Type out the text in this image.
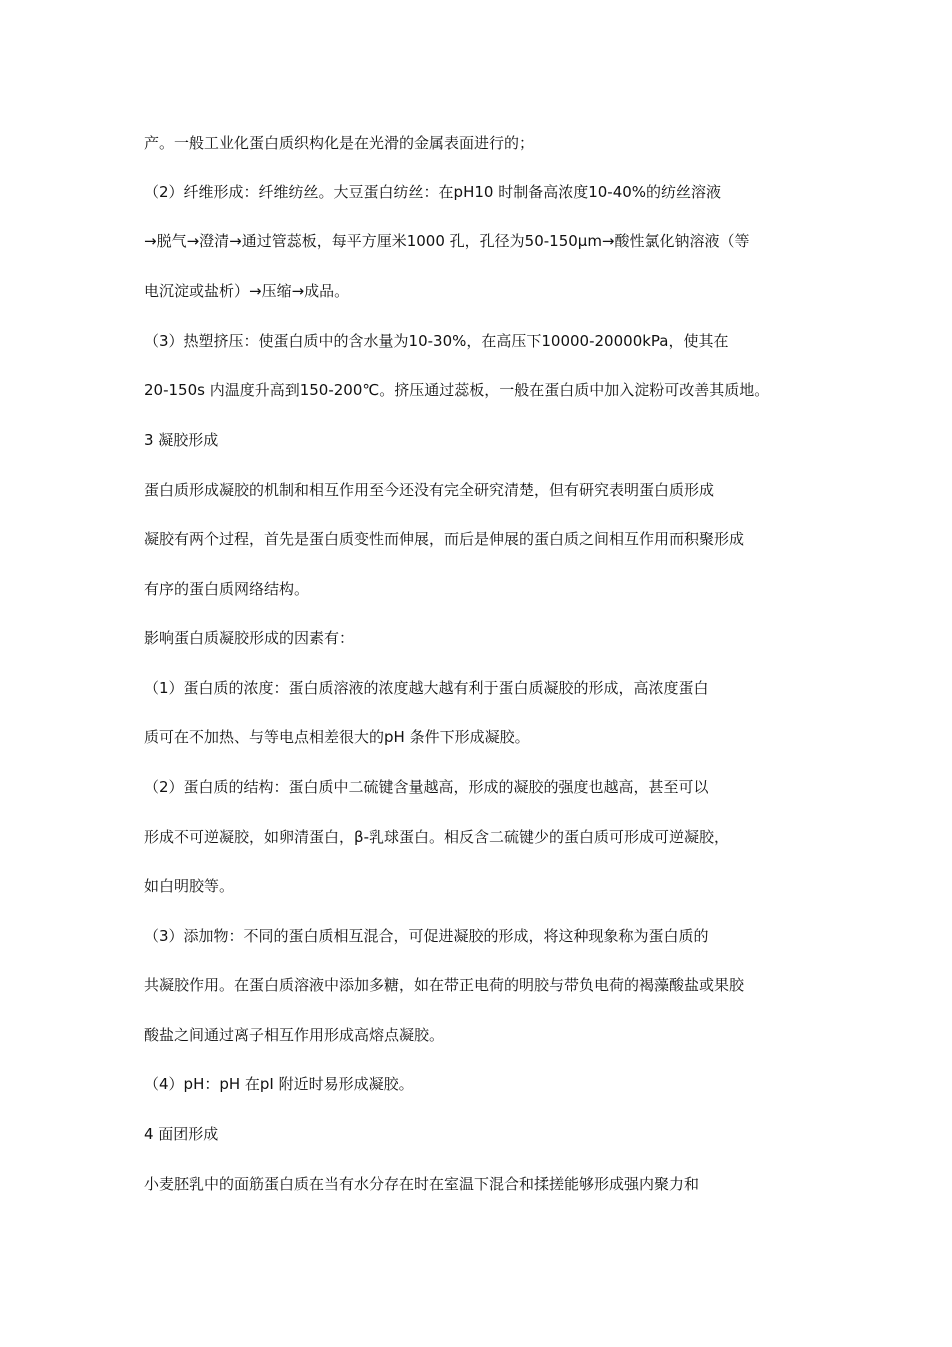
产。一般工业化蛋白质织构化是在光滑的金属表面进行的；
（2）纤维形成：纤维纺丝。大豆蛋白纺丝：在pH10 时制备高浓度10-40%的纺丝溶液
→脱气→澄清→通过管蕊板，每平方厘米1000 孔，孔径为50-150μm→酸性氯化钠溶液（等
电沉淀或盐析）→压缩→成品。
（3）热塑挤压：使蛋白质中的含水量为10-30%，在高压下10000-20000kPa，使其在
20-150s 内温度升高到150-200℃。挤压通过蕊板，一般在蛋白质中加入淀粉可改善其质地。
3 凝胶形成
蛋白质形成凝胶的机制和相互作用至今还没有完全研究清楚，但有研究表明蛋白质形成
凝胶有两个过程，首先是蛋白质变性而伸展，而后是伸展的蛋白质之间相互作用而积聚形成
有序的蛋白质网络结构。
影响蛋白质凝胶形成的因素有：
（1）蛋白质的浓度：蛋白质溶液的浓度越大越有利于蛋白质凝胶的形成，高浓度蛋白
质可在不加热、与等电点相差很大的pH 条件下形成凝胶。
（2）蛋白质的结构：蛋白质中二硫键含量越高，形成的凝胶的强度也越高，甚至可以
形成不可逆凝胶，如卵清蛋白，β-乳球蛋白。相反含二硫键少的蛋白质可形成可逆凝胶，
如白明胶等。
（3）添加物：不同的蛋白质相互混合，可促进凝胶的形成，将这种现象称为蛋白质的
共凝胶作用。在蛋白质溶液中添加多糖，如在带正电荷的明胶与带负电荷的褐藻酸盐或果胶
酸盐之间通过离子相互作用形成高熔点凝胶。
（4）pH：pH 在pI 附近时易形成凝胶。
4 面团形成
小麦胚乳中的面筋蛋白质在当有水分存在时在室温下混合和揉搓能够形成强内聚力和
